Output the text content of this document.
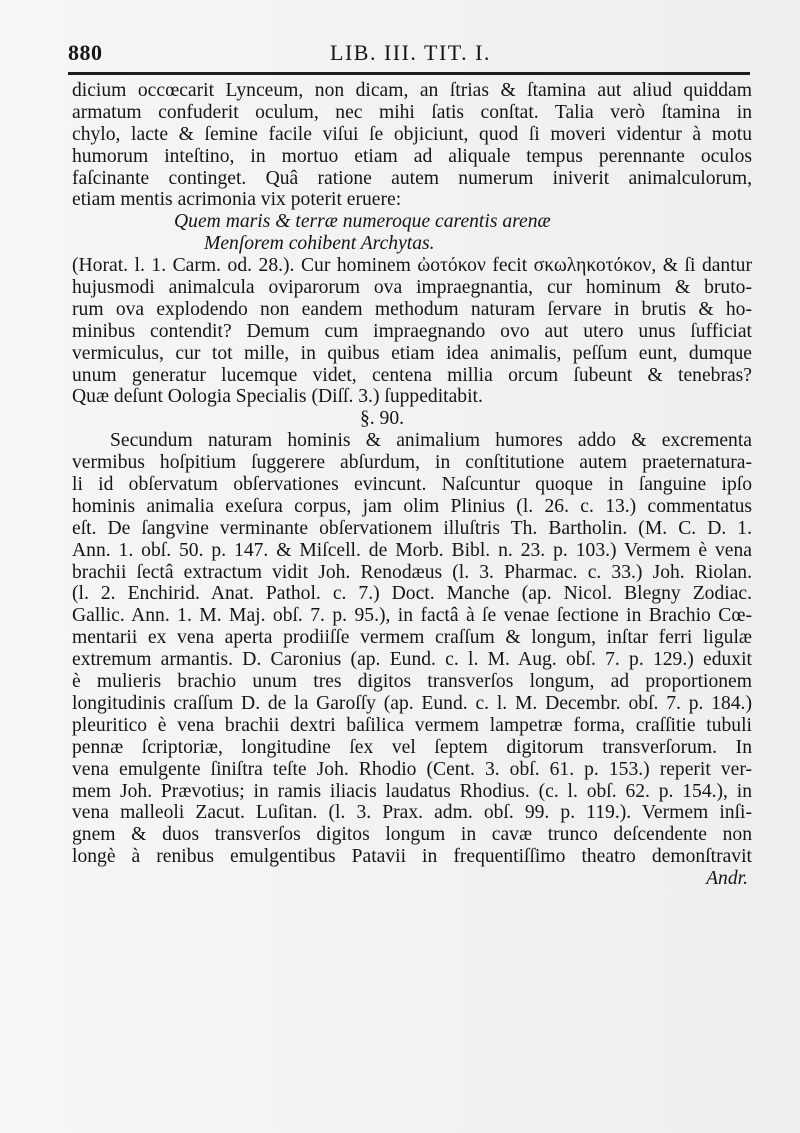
880	LIB. III. TIT. I.
dicium occœcarit Lynceum, non dicam, an ſtrias & ſtamina aut aliud quiddam
armatum confuderit oculum, nec mihi ſatis conſtat. Talia verò ſtamina in
chylo, lacte & ſemine facile viſui ſe objiciunt, quod ſi moveri videntur à motu
humorum inteſtino, in mortuo etiam ad aliquale tempus perennante oculos
faſcinante continget. Quâ ratione autem numerum iniverit animalculorum,
etiam mentis acrimonia vix poterit eruere:
Quem maris & terræ numeroque carentis arenæ
Menſorem cohibent Archytas.
(Horat. l. 1. Carm. od. 28.). Cur hominem ὠοτόκον fecit σκωληκοτόκον, & ſi dantur
hujusmodi animalcula oviparorum ova impraegnantia, cur hominum & bruto-
rum ova explodendo non eandem methodum naturam ſervare in brutis & ho-
minibus contendit? Demum cum impraegnando ovo aut utero unus ſufficiat
vermiculus, cur tot mille, in quibus etiam idea animalis, peſſum eunt, dumque
unum generatur lucemque videt, centena millia orcum ſubeunt & tenebras?
Quæ deſunt Oologia Specialis (Diſſ. 3.) ſuppeditabit.
§. 90.
Secundum naturam hominis & animalium humores addo & excrementa
vermibus hoſpitium ſuggerere abſurdum, in conſtitutione autem praeternatura-
li id obſervatum obſervationes evincunt. Naſcuntur quoque in ſanguine ipſo
hominis animalia exeſura corpus, jam olim Plinius (l. 26. c. 13.) commentatus
eſt. De ſangvine verminante obſervationem illuſtris Th. Bartholin. (M. C. D. 1.
Ann. 1. obſ. 50. p. 147. & Miſcell. de Morb. Bibl. n. 23. p. 103.) Vermem è vena
brachii ſectâ extractum vidit Joh. Renodæus (l. 3. Pharmac. c. 33.) Joh. Riolan.
(l. 2. Enchirid. Anat. Pathol. c. 7.) Doct. Manche (ap. Nicol. Blegny Zodiac.
Gallic. Ann. 1. M. Maj. obſ. 7. p. 95.), in factâ à ſe venae ſectione in Brachio Cœ-
mentarii ex vena aperta prodiiſſe vermem craſſum & longum, inſtar ferri ligulæ
extremum armantis. D. Caronius (ap. Eund. c. l. M. Aug. obſ. 7. p. 129.) eduxit
è mulieris brachio unum tres digitos transverſos longum, ad proportionem
longitudinis craſſum D. de la Garoſſy (ap. Eund. c. l. M. Decembr. obſ. 7. p. 184.)
pleuritico è vena brachii dextri baſilica vermem lampetræ forma, craſſitie tubuli
pennæ ſcriptoriæ, longitudine ſex vel ſeptem digitorum transverſorum. In
vena emulgente ſiniſtra teſte Joh. Rhodio (Cent. 3. obſ. 61. p. 153.) reperit ver-
mem Joh. Prævotius; in ramis iliacis laudatus Rhodius. (c. l. obſ. 62. p. 154.), in
vena malleoli Zacut. Luſitan. (l. 3. Prax. adm. obſ. 99. p. 119.). Vermem inſi-
gnem & duos transverſos digitos longum in cavæ trunco deſcendente non
longè à renibus emulgentibus Patavii in frequentiſſimo theatro demonſtravit
Andr.
